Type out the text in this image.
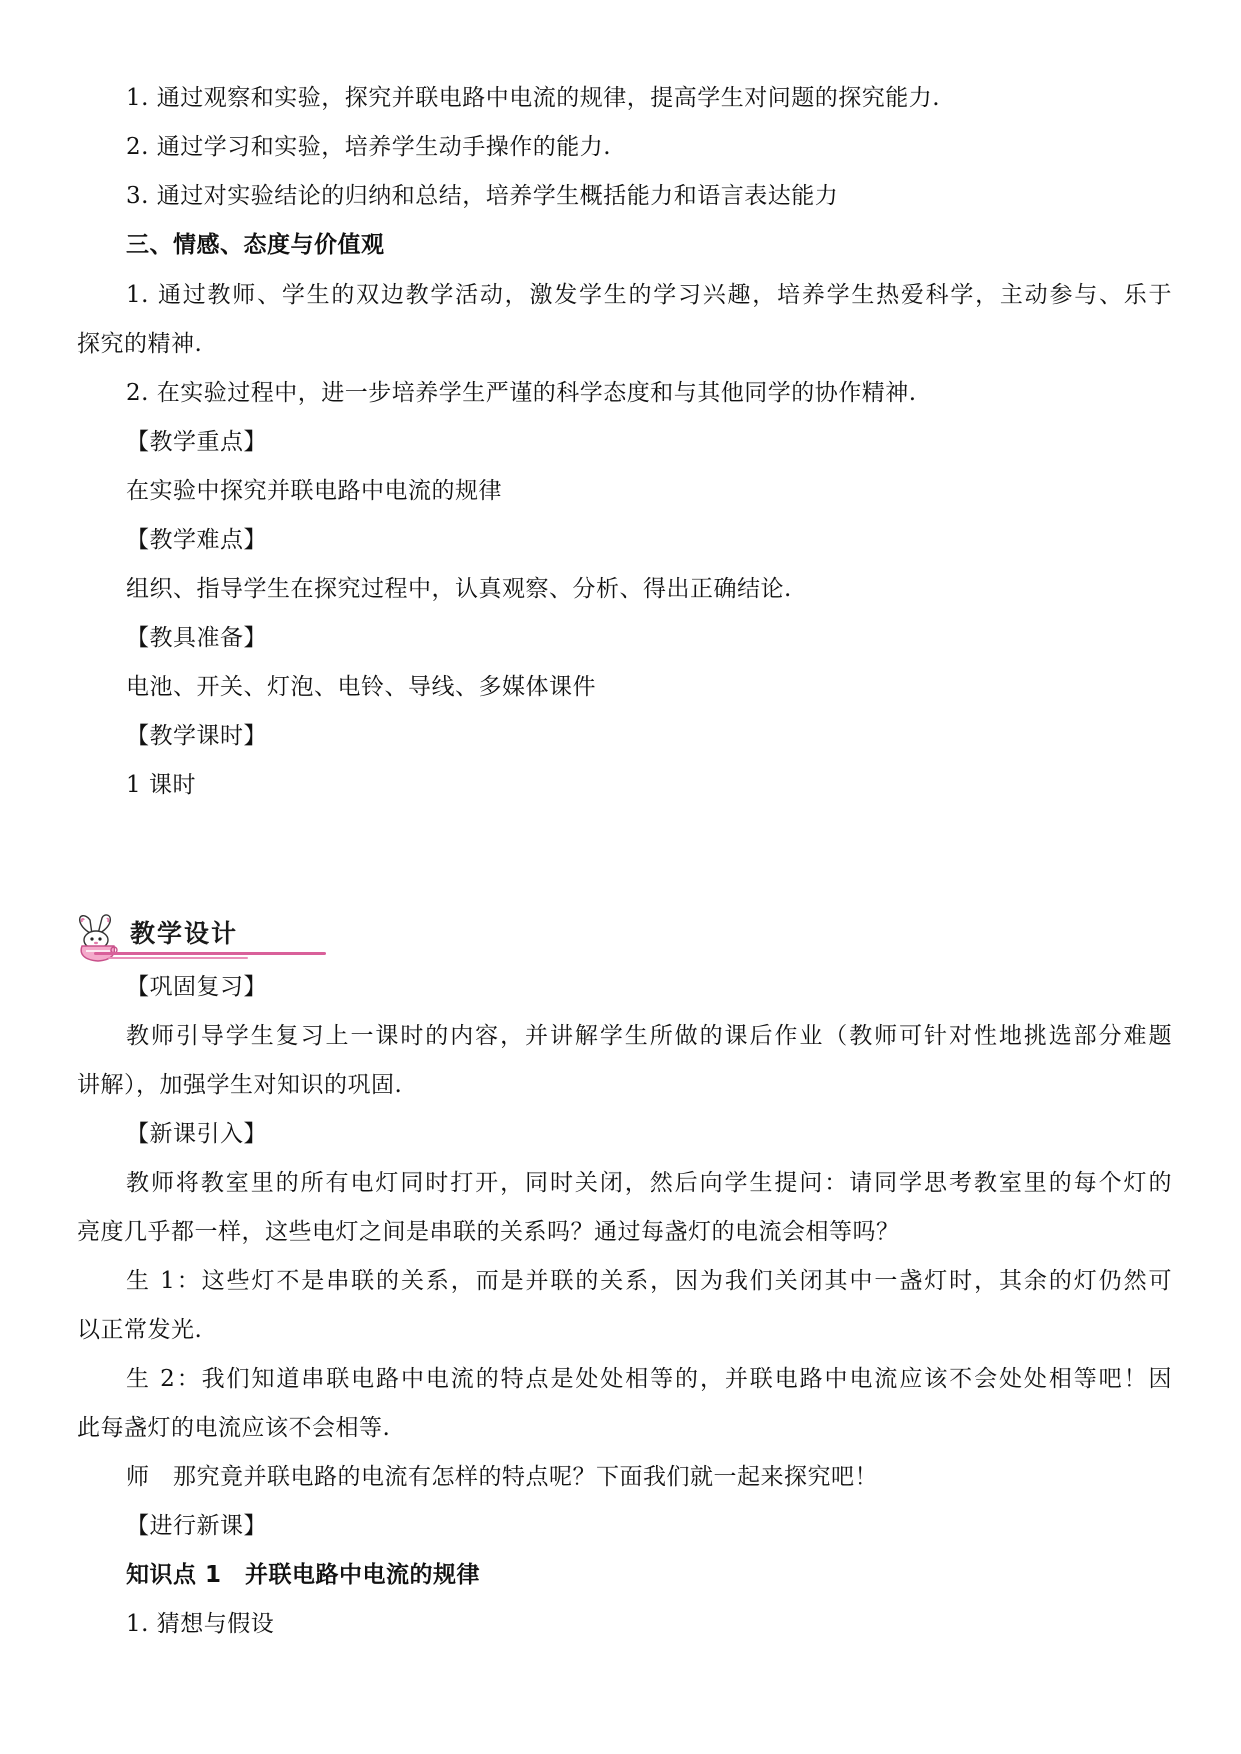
1. 通过观察和实验，探究并联电路中电流的规律，提高学生对问题的探究能力.
2. 通过学习和实验，培养学生动手操作的能力.
3. 通过对实验结论的归纳和总结，培养学生概括能力和语言表达能力
三、情感、态度与价值观
1. 通过教师、学生的双边教学活动，激发学生的学习兴趣，培养学生热爱科学，主动参与、乐于
探究的精神.
2. 在实验过程中，进一步培养学生严谨的科学态度和与其他同学的协作精神.
【教学重点】
在实验中探究并联电路中电流的规律
【教学难点】
组织、指导学生在探究过程中，认真观察、分析、得出正确结论.
【教具准备】
电池、开关、灯泡、电铃、导线、多媒体课件
【教学课时】
1 课时
教学设计
【巩固复习】
教师引导学生复习上一课时的内容，并讲解学生所做的课后作业（教师可针对性地挑选部分难题
讲解），加强学生对知识的巩固.
【新课引入】
教师将教室里的所有电灯同时打开，同时关闭，然后向学生提问：请同学思考教室里的每个灯的
亮度几乎都一样，这些电灯之间是串联的关系吗？通过每盏灯的电流会相等吗？
生 1：这些灯不是串联的关系，而是并联的关系，因为我们关闭其中一盏灯时，其余的灯仍然可
以正常发光.
生 2：我们知道串联电路中电流的特点是处处相等的，并联电路中电流应该不会处处相等吧！因
此每盏灯的电流应该不会相等.
师　那究竟并联电路的电流有怎样的特点呢？下面我们就一起来探究吧！
【进行新课】
知识点 1　并联电路中电流的规律
1. 猜想与假设
